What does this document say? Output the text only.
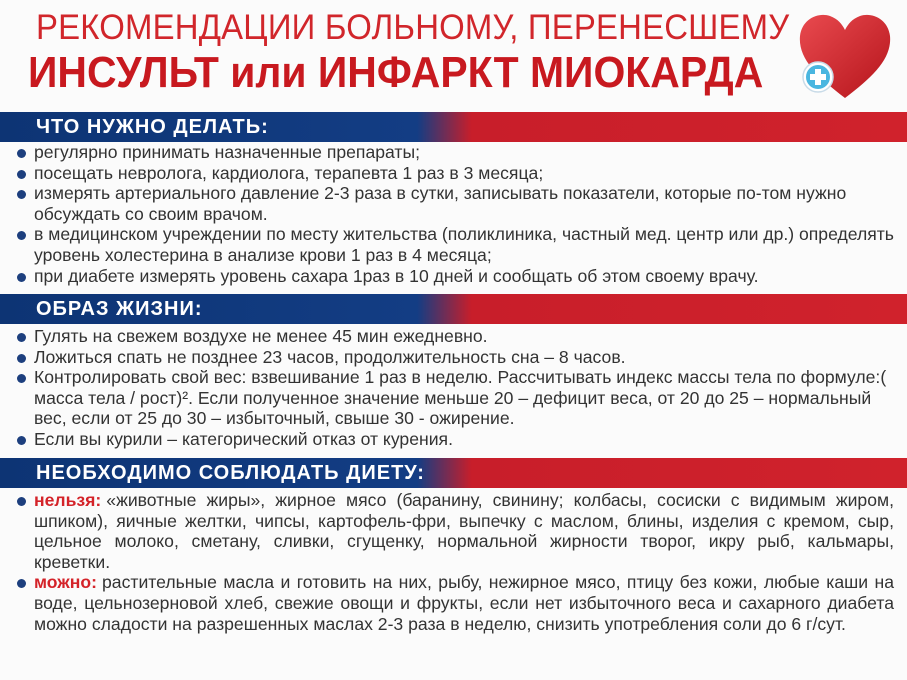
РЕКОМЕНДАЦИИ БОЛЬНОМУ, ПЕРЕНЕСШЕМУ
ИНСУЛЬТ или ИНФАРКТ МИОКАРДА
ЧТО НУЖНО ДЕЛАТЬ:
регулярно принимать назначенные препараты;
посещать невролога, кардиолога, терапевта 1 раз в 3 месяца;
измерять артериального давление 2-3 раза в сутки, записывать показатели, которые по-том нужно обсуждать со своим врачом.
в медицинском учреждении по месту жительства (поликлиника, частный мед. центр или др.) определять уровень холестерина в анализе крови 1 раз в 4 месяца;
при диабете измерять уровень сахара 1раз в 10 дней и сообщать об этом своему врачу.
ОБРАЗ ЖИЗНИ:
Гулять на свежем воздухе не менее 45 мин ежедневно.
Ложиться спать не позднее 23 часов, продолжительность сна – 8 часов.
Контролировать свой вес: взвешивание 1 раз в неделю. Рассчитывать индекс массы тела по формуле:( масса тела / рост)². Если полученное значение меньше 20 – дефицит веса, от 20 до 25 – нормальный вес, если от 25 до 30 – избыточный, свыше 30 - ожирение.
Если вы курили – категорический отказ от курения.
НЕОБХОДИМО СОБЛЮДАТЬ ДИЕТУ:
нельзя: «животные жиры», жирное мясо (баранину, свинину; колбасы, сосиски с видимым жиром, шпиком), яичные желтки, чипсы, картофель-фри, выпечку с маслом, блины, изделия с кремом, сыр, цельное молоко, сметану, сливки, сгущенку, нормальной жирности творог, икру рыб, кальмары, креветки.
можно: растительные масла и готовить на них, рыбу, нежирное мясо, птицу без кожи, любые каши на воде, цельнозерновой хлеб, свежие овощи и фрукты, если нет избыточного веса и сахарного диабета можно сладости на разрешенных маслах 2-3 раза в неделю, снизить употребления соли до 6 г/сут.
